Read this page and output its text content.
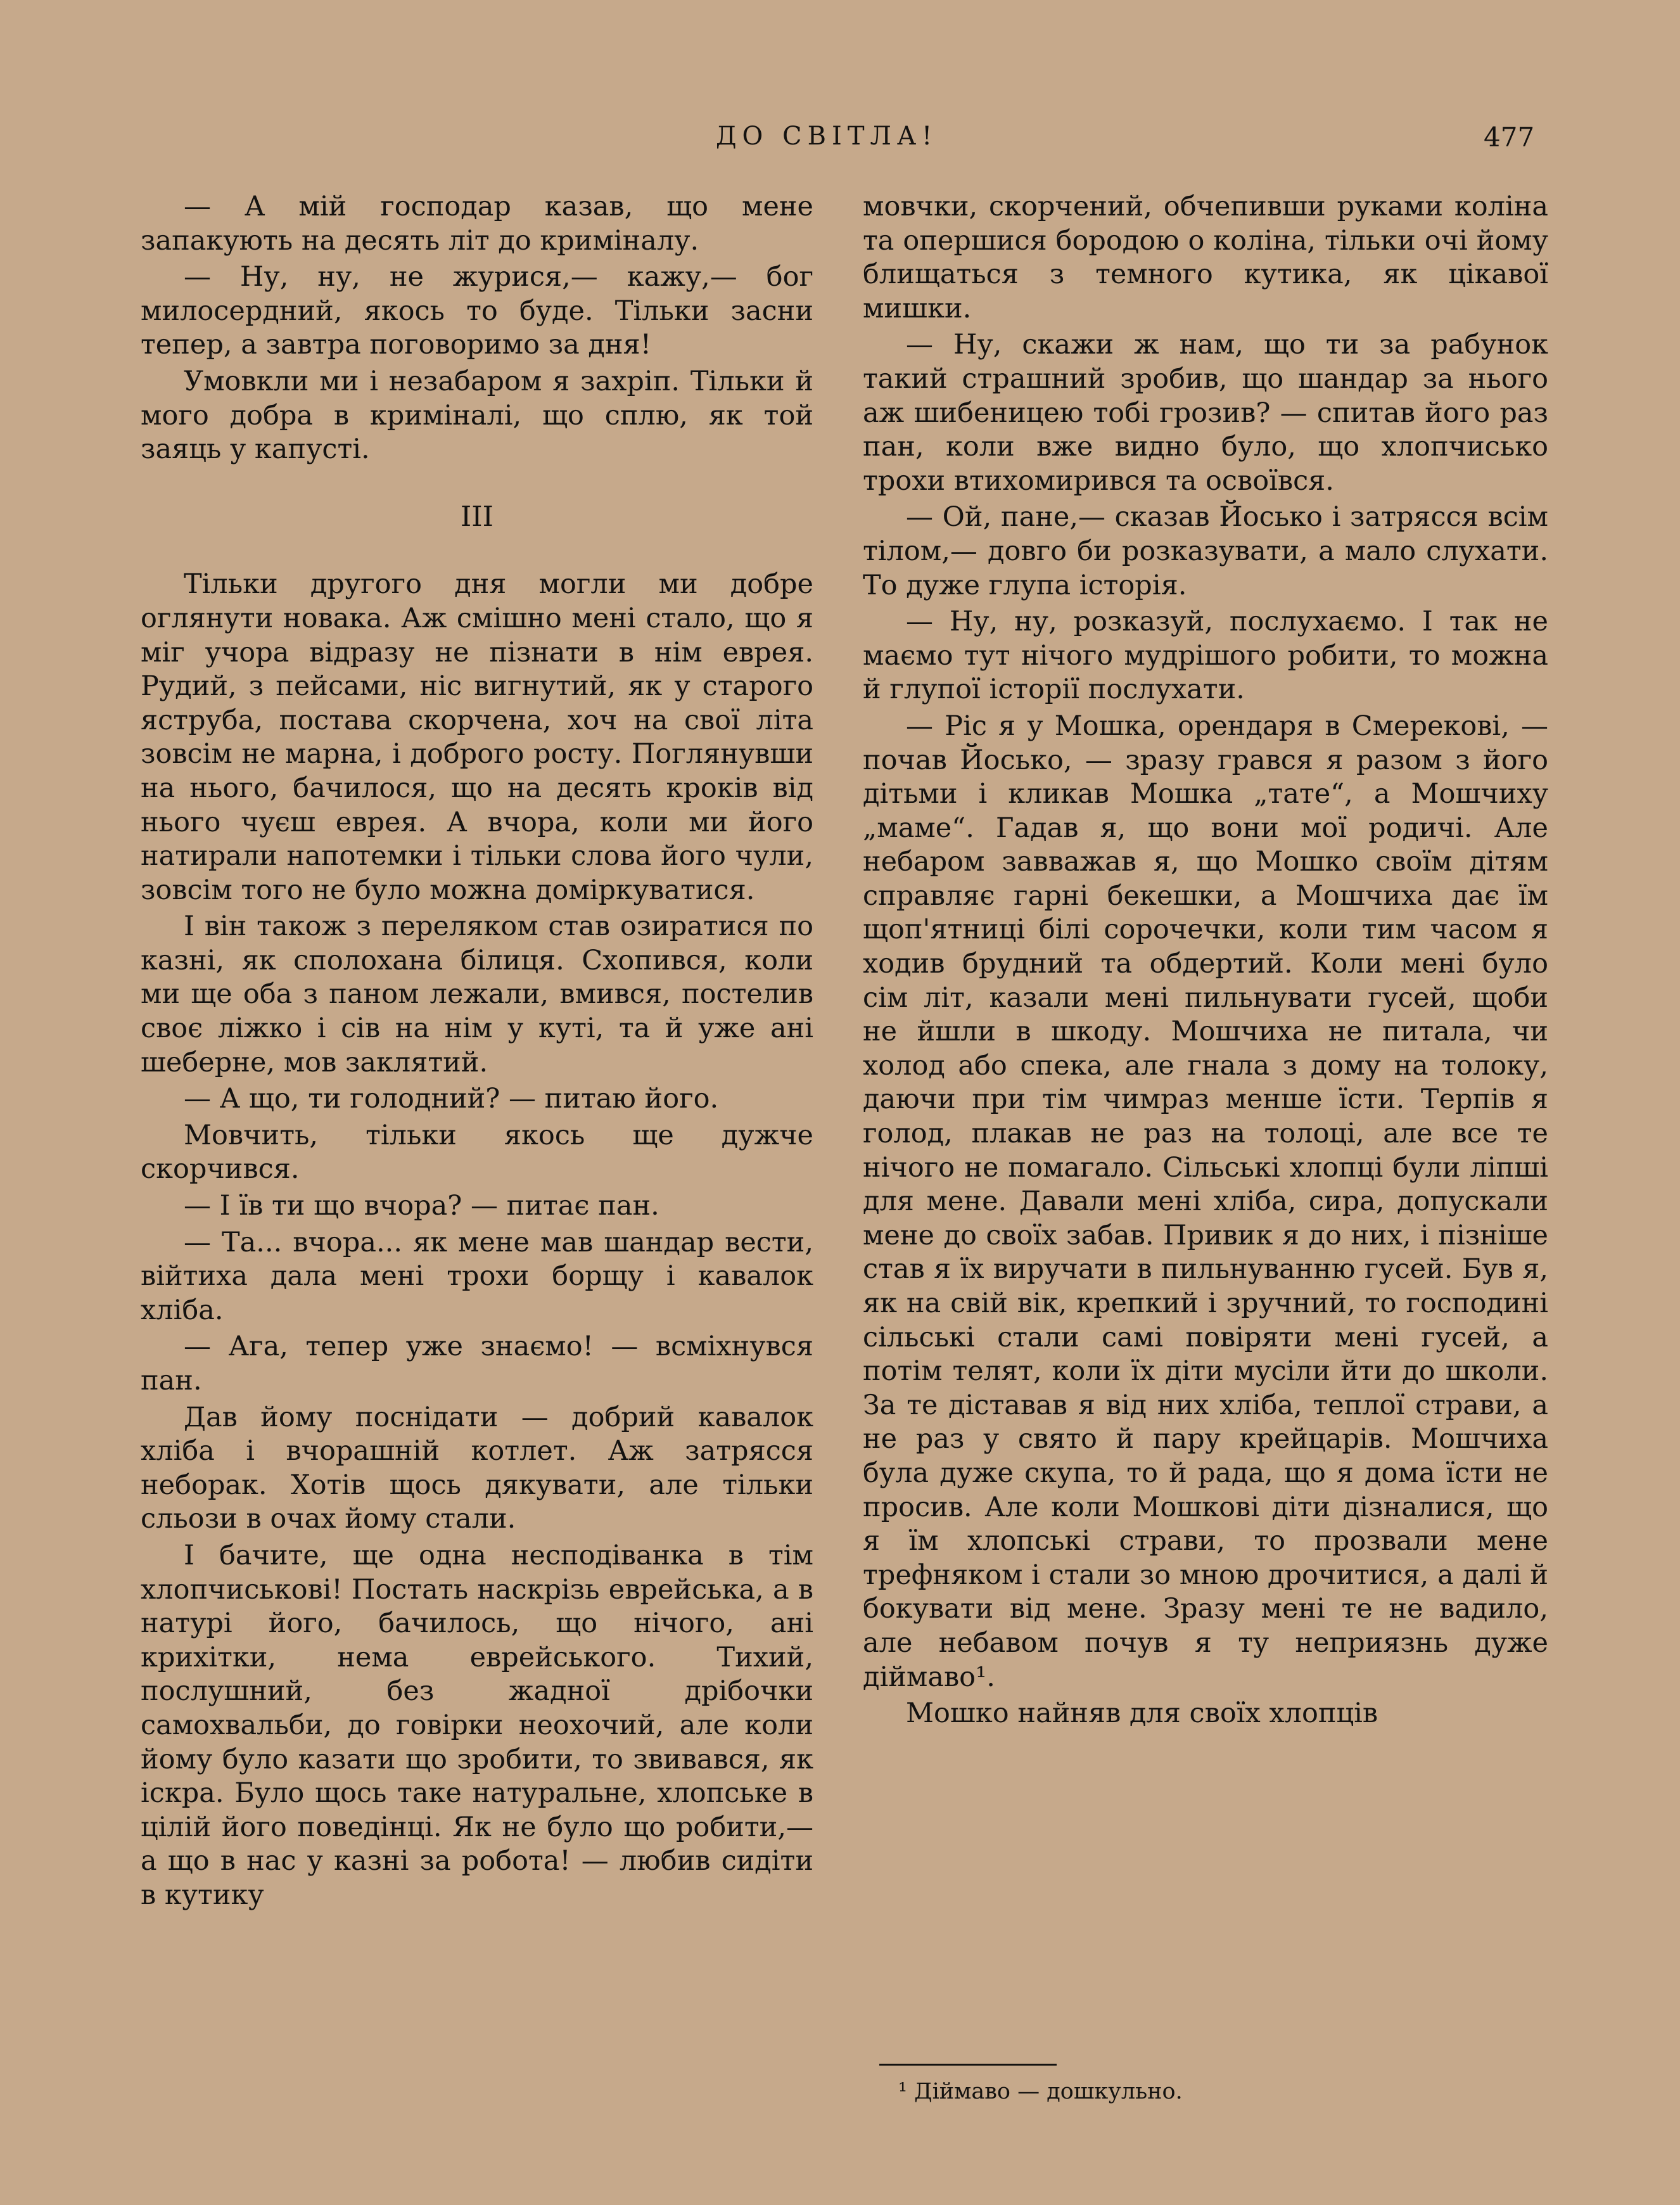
ДО СВІТЛА!	477

— А мій господар казав, що мене запакують на десять літ до криміналу.

— Ну, ну, не журися,— кажу,— бог милосердний, якось то буде. Тільки засни тепер, а завтра поговоримо за дня!

Умовкли ми і незабаром я захріп. Тільки й мого добра в криміналі, що сплю, як той заяць у капусті.

III

Тільки другого дня могли ми добре оглянути новака. Аж смішно мені стало, що я міг учора відразу не пізнати в нім еврея. Рудий, з пейсами, ніс вигнутий, як у старого яструба, постава скорчена, хоч на свої літа зовсім не марна, і доброго росту. Поглянувши на нього, бачилося, що на десять кроків від нього чуєш еврея. А вчора, коли ми його натирали напотемки і тільки слова його чули, зовсім того не було можна доміркуватися.

І він також з переляком став озиратися по казні, як сполохана білиця. Схопився, коли ми ще оба з паном лежали, вмився, постелив своє ліжко і сів на нім у куті, та й уже ані шеберне, мов заклятий.

— А що, ти голодний? — питаю його.

Мовчить, тільки якось ще дужче скорчився.

— І їв ти що вчора? — питає пан.

— Та... вчора... як мене мав шандар вести, війтиха дала мені трохи борщу і кавалок хліба.

— Ага, тепер уже знаємо! — всміхнувся пан.

Дав йому поснідати — добрий кавалок хліба і вчорашній котлет. Аж затрясся неборак. Хотів щось дякувати, але тільки сльози в очах йому стали.

І бачите, ще одна несподіванка в тім хлопчиськові! Постать наскрізь еврейська, а в натурі його, бачилось, що нічого, ані крихітки, нема еврейського. Тихий, послушний, без жадної дрібочки самохвальби, до говірки неохочий, але коли йому було казати що зробити, то звивався, як іскра. Було щось таке натуральне, хлопське в цілій його поведінці. Як не було що робити,— а що в нас у казні за робота! — любив сидіти в кутику

мовчки, скорчений, обчепивши руками коліна та опершися бородою о коліна, тільки очі йому блищаться з темного кутика, як цікавої мишки.

— Ну, скажи ж нам, що ти за рабунок такий страшний зробив, що шандар за нього аж шибеницею тобі грозив? — спитав його раз пан, коли вже видно було, що хлопчисько трохи втихомирився та освоївся.

— Ой, пане,— сказав Йосько і затрясся всім тілом,— довго би розказувати, а мало слухати. То дуже глупа історія.

— Ну, ну, розказуй, послухаємо. І так не маємо тут нічого мудрішого робити, то можна й глупої історії послухати.

— Ріс я у Мошка, орендаря в Смерекові, — почав Йосько, — зразу грався я разом з його дітьми і кликав Мошка „тате“, а Мошчиху „маме“. Гадав я, що вони мої родичі. Але небаром завважав я, що Мошко своїм дітям справляє гарні бекешки, а Мошчиха дає їм щоп'ятниці білі сорочечки, коли тим часом я ходив брудний та обдертий. Коли мені було сім літ, казали мені пильнувати гусей, щоби не йшли в шкоду. Мошчиха не питала, чи холод або спека, але гнала з дому на толоку, даючи при тім чимраз менше їсти. Терпів я голод, плакав не раз на толоці, але все те нічого не помагало. Сільські хлопці були ліпші для мене. Давали мені хліба, сира, допускали мене до своїх забав. Привик я до них, і пізніше став я їх виручати в пильнуванню гусей. Був я, як на свій вік, крепкий і зручний, то господині сільські стали самі повіряти мені гусей, а потім телят, коли їх діти мусіли йти до школи. За те діставав я від них хліба, теплої страви, а не раз у свято й пару крейцарів. Мошчиха була дуже скупа, то й рада, що я дома їсти не просив. Але коли Мошкові діти дізналися, що я їм хлопські страви, то прозвали мене трефняком і стали зо мною дрочитися, а далі й бокувати від мене. Зразу мені те не вадило, але небавом почув я ту неприязнь дуже діймаво¹.

Мошко найняв для своїх хлопців

¹ Діймаво — дошкульно.
